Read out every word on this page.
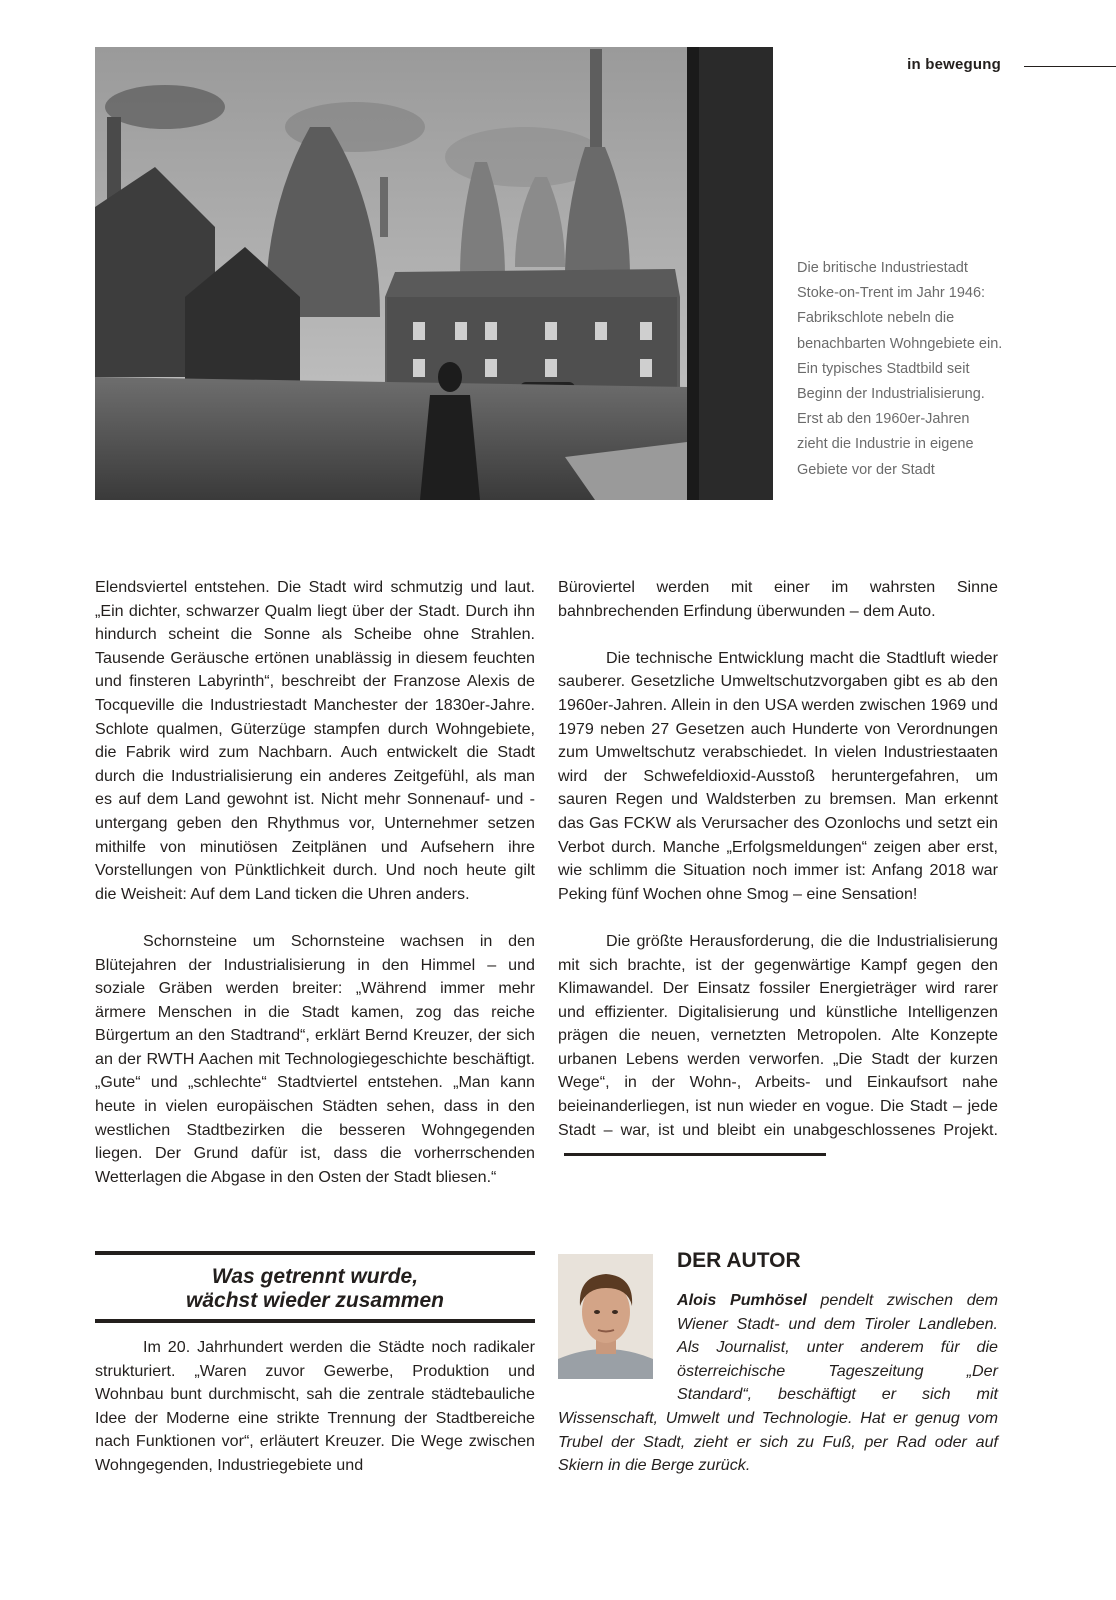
in bewegung
Die britische Industriestadt Stoke-on-Trent im Jahr 1946: Fabrikschlote nebeln die benachbarten Wohngebiete ein. Ein typisches Stadtbild seit Beginn der Industrialisierung. Erst ab den 1960er-Jahren zieht die Industrie in eigene Gebiete vor der Stadt

Elendsviertel entstehen. Die Stadt wird schmutzig und laut. „Ein dichter, schwarzer Qualm liegt über der Stadt. Durch ihn hindurch scheint die Sonne als Scheibe ohne Strahlen. Tausende Geräusche ertönen unablässig in diesem feuchten und finsteren Labyrinth“, beschreibt der Franzose Alexis de Tocqueville die Industriestadt Manchester der 1830er-Jahre. Schlote qualmen, Güterzüge stampfen durch Wohngebiete, die Fabrik wird zum Nachbarn. Auch entwickelt die Stadt durch die Industrialisierung ein anderes Zeitgefühl, als man es auf dem Land gewohnt ist. Nicht mehr Sonnenauf- und -untergang geben den Rhythmus vor, Unternehmer setzen mithilfe von minutiösen Zeitplänen und Aufsehern ihre Vorstellungen von Pünktlichkeit durch. Und noch heute gilt die Weisheit: Auf dem Land ticken die Uhren anders.

Schornsteine um Schornsteine wachsen in den Blütejahren der Industrialisierung in den Himmel – und soziale Gräben werden breiter: „Während immer mehr ärmere Menschen in die Stadt kamen, zog das reiche Bürgertum an den Stadtrand“, erklärt Bernd Kreuzer, der sich an der RWTH Aachen mit Technologiegeschichte beschäftigt. „Gute“ und „schlechte“ Stadtviertel entstehen. „Man kann heute in vielen europäischen Städten sehen, dass in den westlichen Stadtbezirken die besseren Wohngegenden liegen. Der Grund dafür ist, dass die vorherrschenden Wetterlagen die Abgase in den Osten der Stadt bliesen.“

Büroviertel werden mit einer im wahrsten Sinne bahnbrechenden Erfindung überwunden – dem Auto.

Die technische Entwicklung macht die Stadtluft wieder sauberer. Gesetzliche Umweltschutzvorgaben gibt es ab den 1960er-Jahren. Allein in den USA werden zwischen 1969 und 1979 neben 27 Gesetzen auch Hunderte von Verordnungen zum Umweltschutz verabschiedet. In vielen Industriestaaten wird der Schwefeldioxid-Ausstoß heruntergefahren, um sauren Regen und Waldsterben zu bremsen. Man erkennt das Gas FCKW als Verursacher des Ozonlochs und setzt ein Verbot durch. Manche „Erfolgsmeldungen“ zeigen aber erst, wie schlimm die Situation noch immer ist: Anfang 2018 war Peking fünf Wochen ohne Smog – eine Sensation!

Die größte Herausforderung, die die Industrialisierung mit sich brachte, ist der gegenwärtige Kampf gegen den Klimawandel. Der Einsatz fossiler Energieträger wird rarer und effizienter. Digitalisierung und künstliche Intelligenzen prägen die neuen, vernetzten Metropolen. Alte Konzepte urbanen Lebens werden verworfen. „Die Stadt der kurzen Wege“, in der Wohn-, Arbeits- und Einkaufsort nahe beieinanderliegen, ist nun wieder en vogue. Die Stadt – jede Stadt – war, ist und bleibt ein unabgeschlossenes Projekt.

Was getrennt wurde,
wächst wieder zusammen

Im 20. Jahrhundert werden die Städte noch radikaler strukturiert. „Waren zuvor Gewerbe, Produktion und Wohnbau bunt durchmischt, sah die zentrale städtebauliche Idee der Moderne eine strikte Trennung der Stadtbereiche nach Funktionen vor“, erläutert Kreuzer. Die Wege zwischen Wohngegenden, Industriegebiete und

DER AUTOR

Alois Pumhösel pendelt zwischen dem Wiener Stadt- und dem Tiroler Landleben. Als Journalist, unter anderem für die österreichische Tageszeitung „Der Standard“, beschäftigt er sich mit Wissenschaft, Umwelt und Technologie. Hat er genug vom Trubel der Stadt, zieht er sich zu Fuß, per Rad oder auf Skiern in die Berge zurück.
